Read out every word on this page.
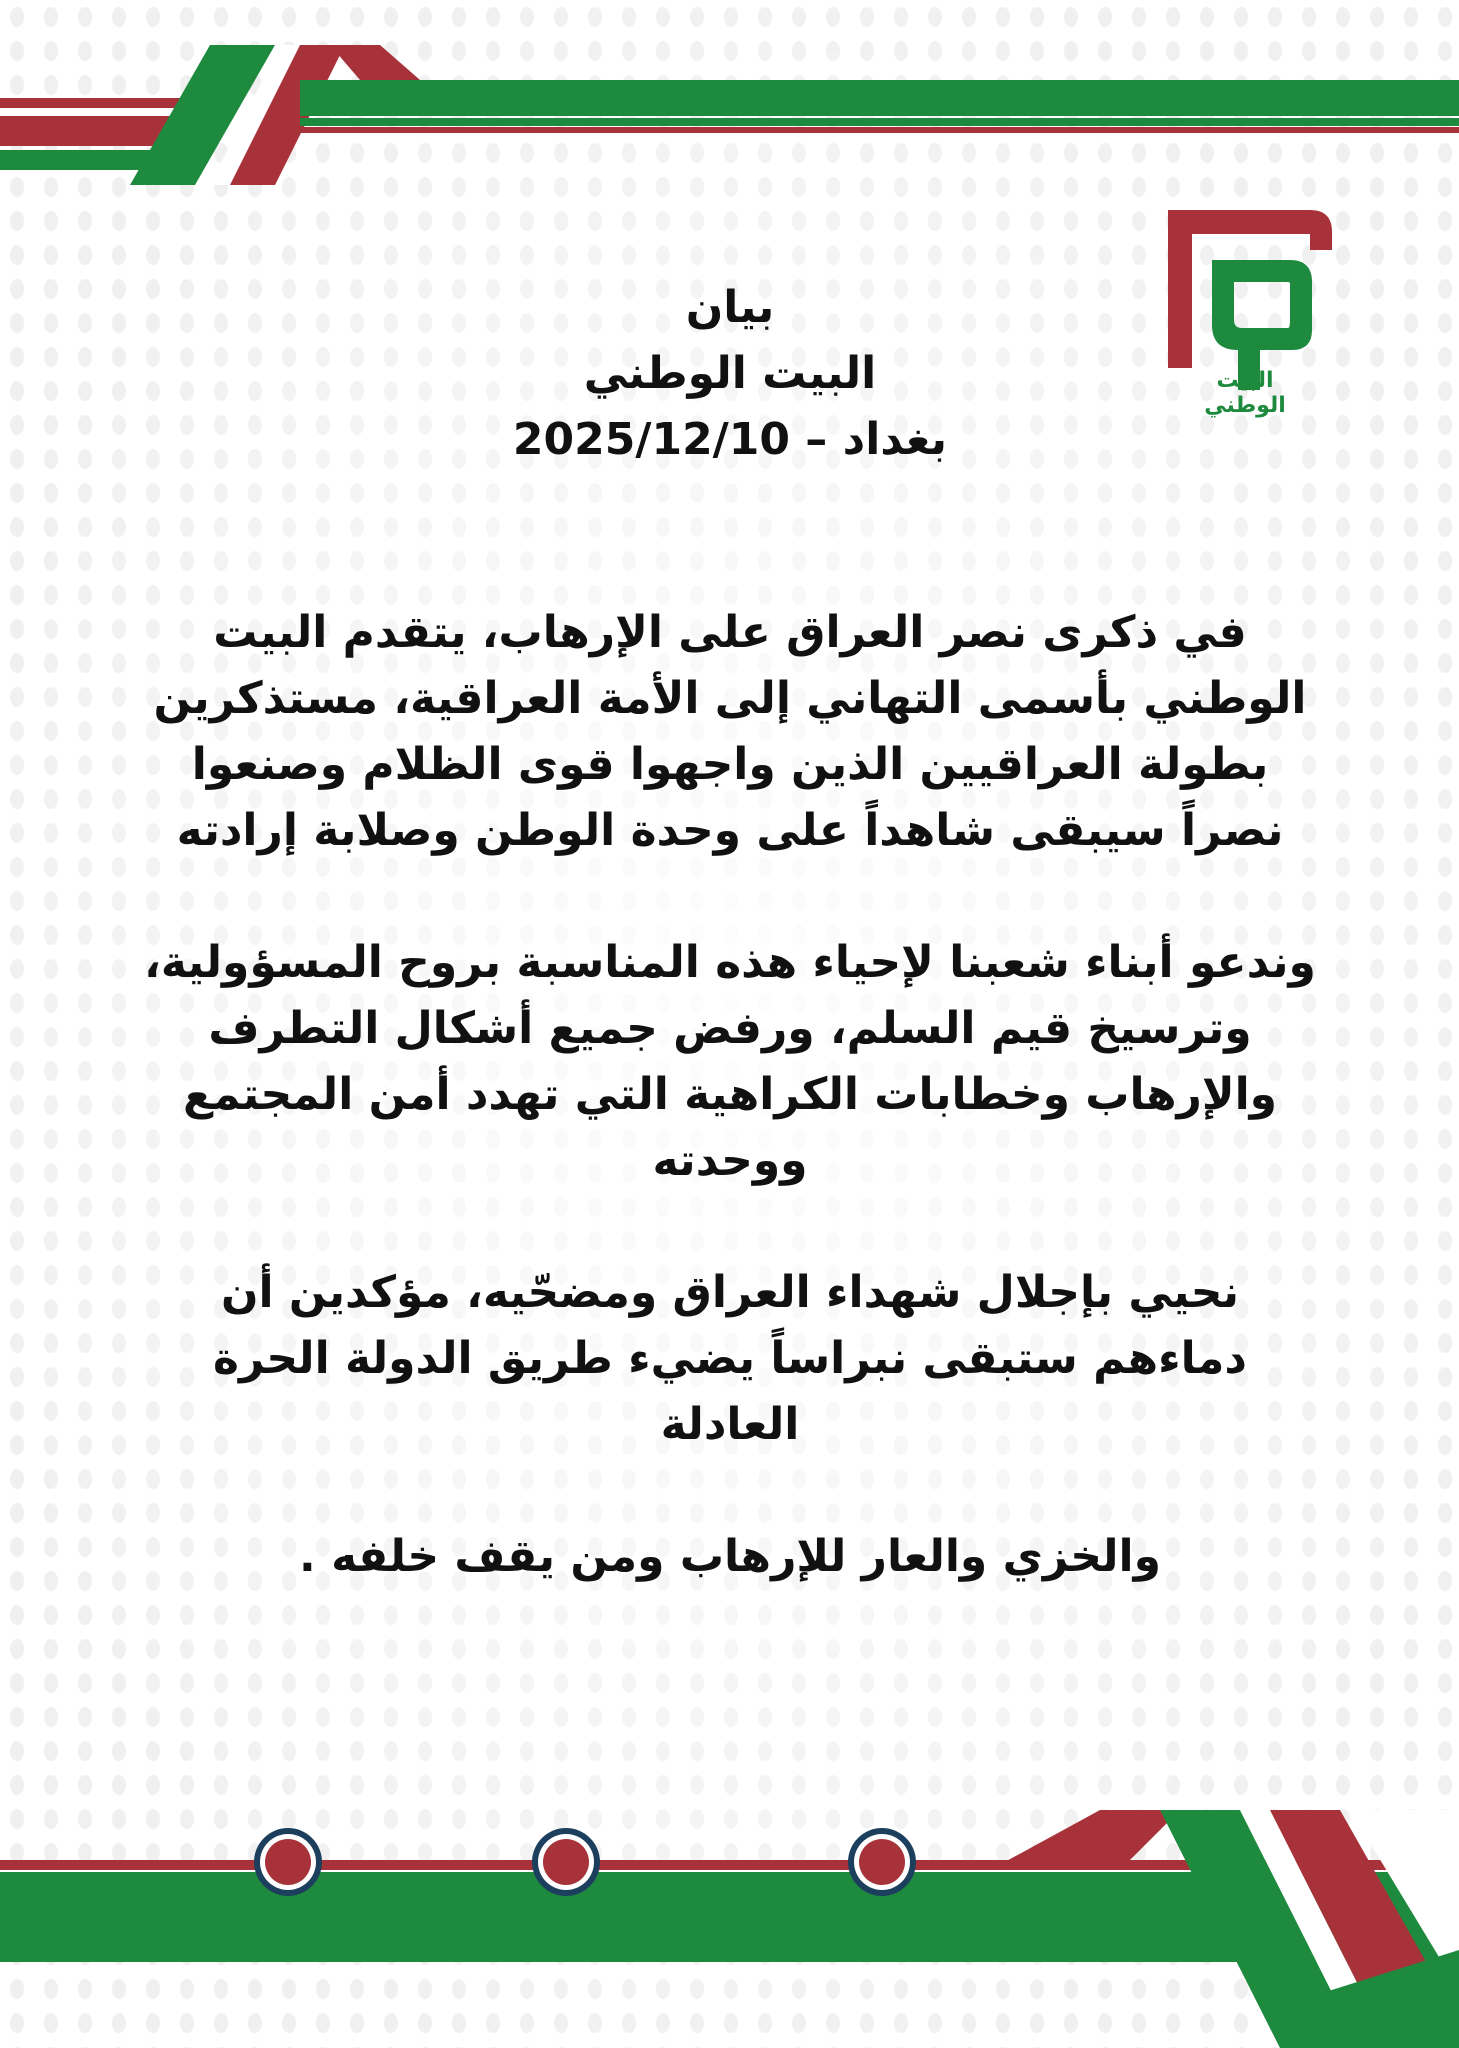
البيت الوطني
بيان
البيت الوطني
بغداد – 2025/12/10
في ذكرى نصر العراق على الإرهاب، يتقدم البيت
الوطني بأسمى التهاني إلى الأمة العراقية، مستذكرين
بطولة العراقيين الذين واجهوا قوى الظلام وصنعوا
نصراً سيبقى شاهداً على وحدة الوطن وصلابة إرادته
وندعو أبناء شعبنا لإحياء هذه المناسبة بروح المسؤولية،
وترسيخ قيم السلم، ورفض جميع أشكال التطرف
والإرهاب وخطابات الكراهية التي تهدد أمن المجتمع
ووحدته
نحيي بإجلال شهداء العراق ومضحّيه، مؤكدين أن
دماءهم ستبقى نبراساً يضيء طريق الدولة الحرة
العادلة
والخزي والعار للإرهاب ومن يقف خلفه .
